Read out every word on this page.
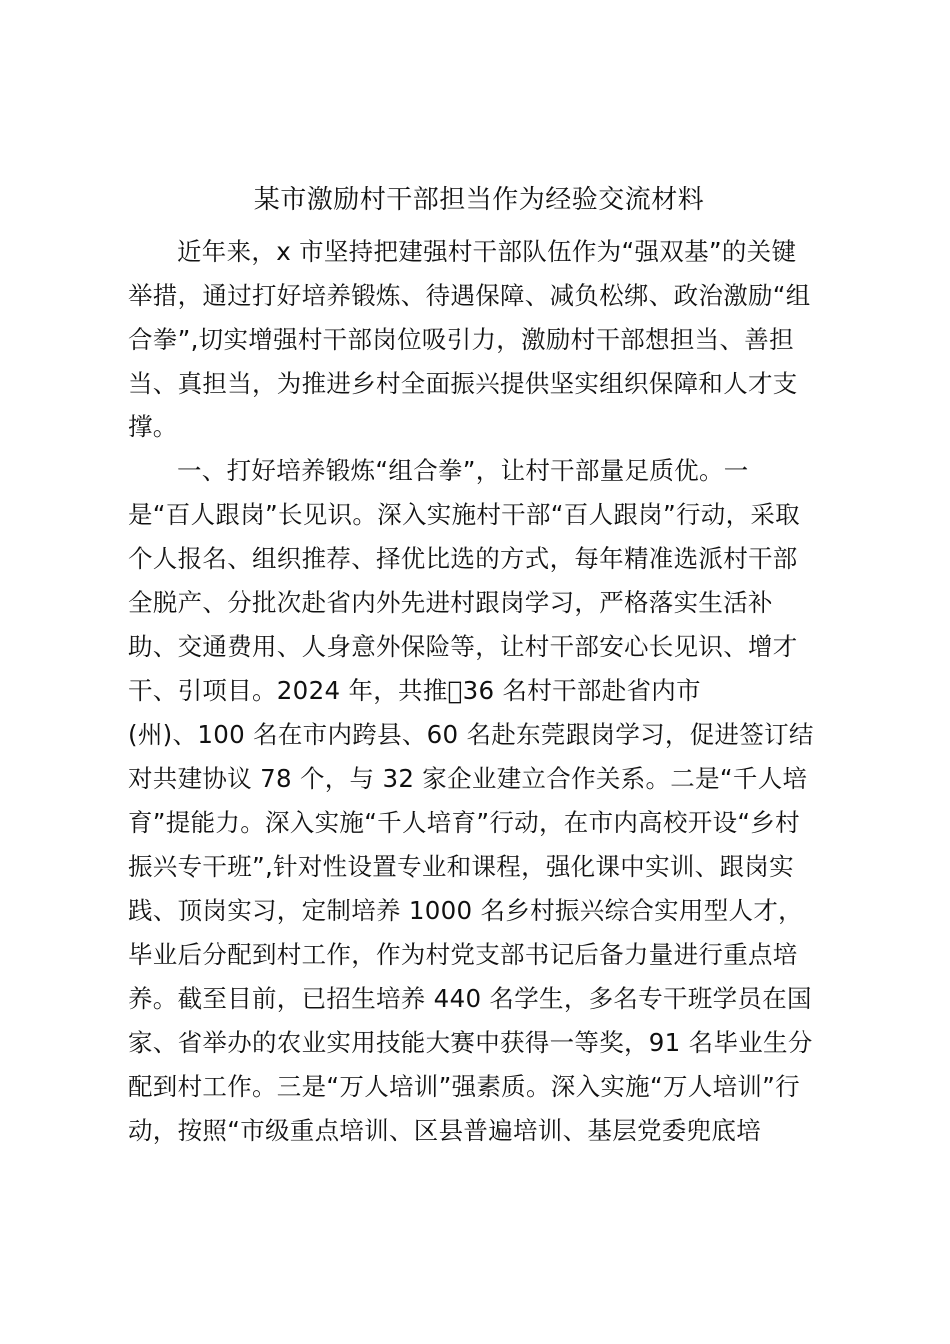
某市激励村干部担当作为经验交流材料
近年来，x 市坚持把建强村干部队伍作为“强双基”的关键
举措，通过打好培养锻炼、待遇保障、减负松绑、政治激励“组
合拳”,切实增强村干部岗位吸引力，激励村干部想担当、善担
当、真担当，为推进乡村全面振兴提供坚实组织保障和人才支
撑。
一、打好培养锻炼“组合拳”，让村干部量足质优。一
是“百人跟岗”长见识。深入实施村干部“百人跟岗”行动，采取
个人报名、组织推荐、择优比选的方式，每年精准选派村干部
全脱产、分批次赴省内外先进村跟岗学习，严格落实生活补
助、交通费用、人身意外保险等，让村干部安心长见识、增才
干、引项目。2024 年，共推􀀀36 名村干部赴省内市
(州)、100 名在市内跨县、60 名赴东莞跟岗学习，促进签订结
对共建协议 78 个，与 32 家企业建立合作关系。二是“千人培
育”提能力。深入实施“千人培育”行动，在市内高校开设“乡村
振兴专干班”,针对性设置专业和课程，强化课中实训、跟岗实
践、顶岗实习，定制培养 1000 名乡村振兴综合实用型人才，
毕业后分配到村工作，作为村党支部书记后备力量进行重点培
养。截至目前，已招生培养 440 名学生，多名专干班学员在国
家、省举办的农业实用技能大赛中获得一等奖，91 名毕业生分
配到村工作。三是“万人培训”强素质。深入实施“万人培训”行
动，按照“市级重点培训、区县普遍培训、基层党委兜底培
